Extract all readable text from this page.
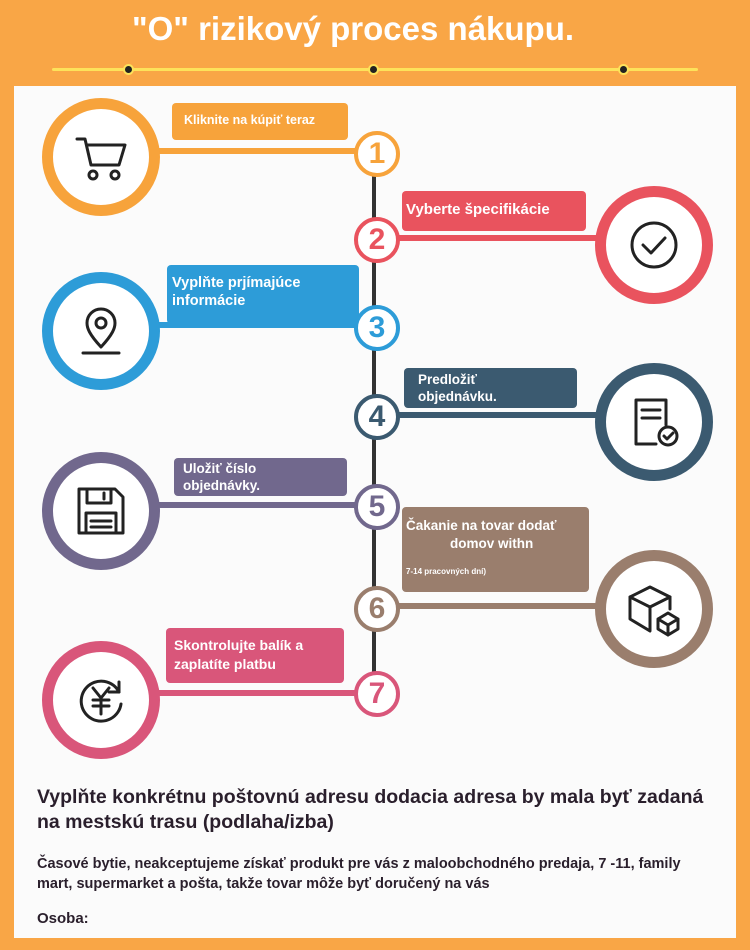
"O" rizikový proces nákupu.
1
Kliknite na kúpiť teraz
2
Vyberte špecifikácie
3
Vyplňte prjímajúce
informácie
4
Predložiť
objednávku.
5
Uložiť číslo
objednávky.
6
Čakanie na tovar dodať
domov withn
7-14 pracovných dní)
7
Skontrolujte balík a
zaplatíte platbu
Vyplňte konkrétnu poštovnú adresu dodacia adresa by mala byť zadaná na mestskú trasu (podlaha/izba)
Časové bytie, neakceptujeme získať produkt pre vás z maloobchodného predaja, 7 -11, family mart, supermarket a pošta, takže tovar môže byť doručený na vás
Osoba:
